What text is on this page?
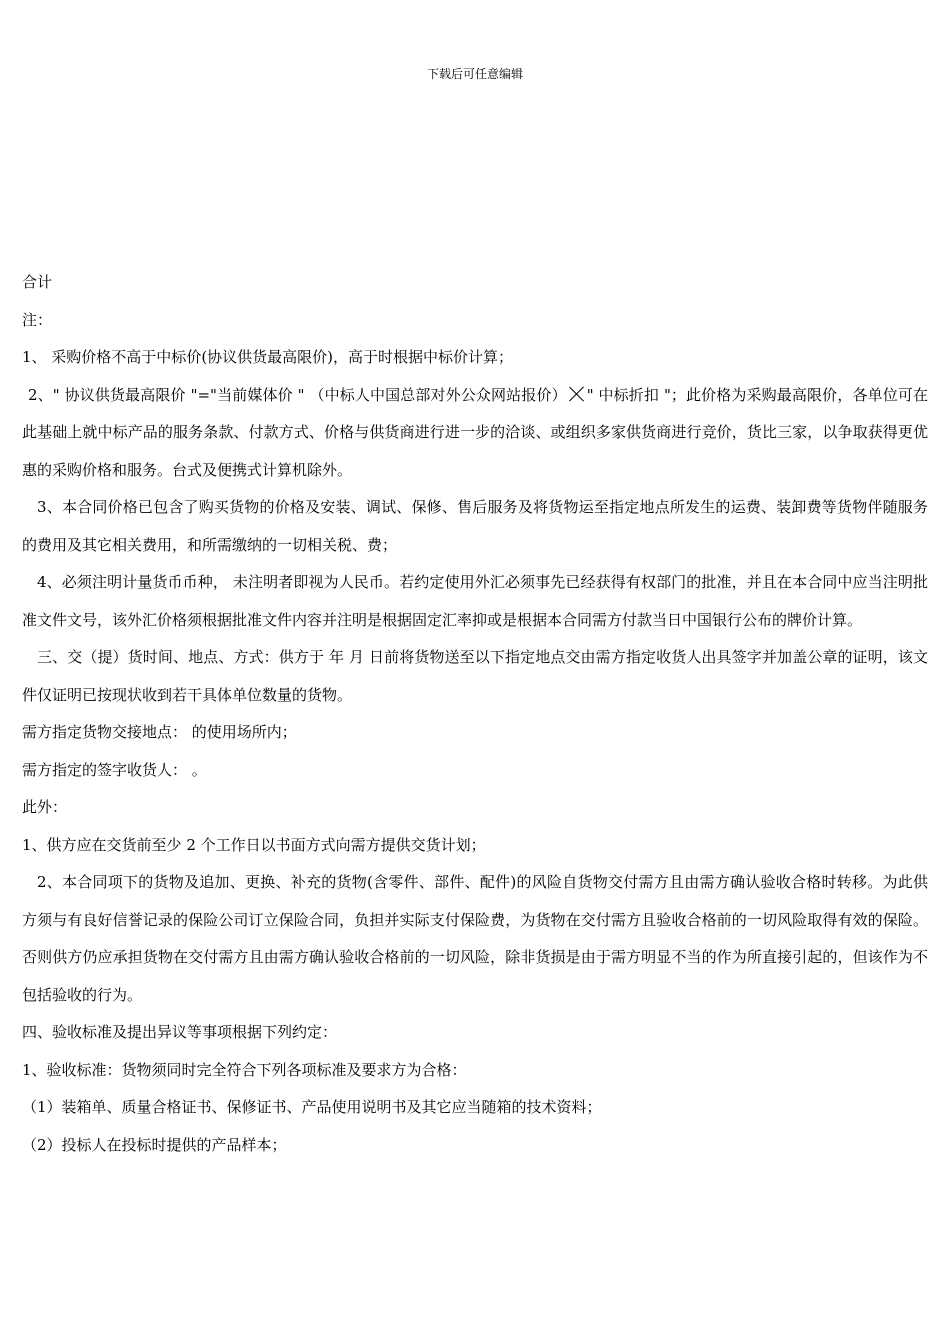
下载后可任意编辑

合计

注：

1、 采购价格不高于中标价(协议供货最高限价)，高于时根据中标价计算；

2、" 协议供货最高限价 "="当前媒体价 " （中标人中国总部对外公众网站报价） " 中标折扣 "；此价格为采购最高限价，各单位可在此基础上就中标产品的服务条款、付款方式、价格与供货商进行进一步的洽谈、或组织多家供货商进行竞价，货比三家，以争取获得更优惠的采购价格和服务。台式及便携式计算机除外。

3、本合同价格已包含了购买货物的价格及安装、调试、保修、售后服务及将货物运至指定地点所发生的运费、装卸费等货物伴随服务的费用及其它相关费用，和所需缴纳的一切相关税、费；

4、必须注明计量货币币种， 未注明者即视为人民币。若约定使用外汇必须事先已经获得有权部门的批准，并且在本合同中应当注明批准文件文号，该外汇价格须根据批准文件内容并注明是根据固定汇率抑或是根据本合同需方付款当日中国银行公布的牌价计算。

三、交（提）货时间、地点、方式：供方于 年 月 日前将货物送至以下指定地点交由需方指定收货人出具签字并加盖公章的证明，该文件仅证明已按现状收到若干具体单位数量的货物。

需方指定货物交接地点： 的使用场所内；

需方指定的签字收货人： 。

此外：

1、供方应在交货前至少 2 个工作日以书面方式向需方提供交货计划；

2、本合同项下的货物及追加、更换、补充的货物(含零件、部件、配件)的风险自货物交付需方且由需方确认验收合格时转移。为此供方须与有良好信誉记录的保险公司订立保险合同，负担并实际支付保险费，为货物在交付需方且验收合格前的一切风险取得有效的保险。否则供方仍应承担货物在交付需方且由需方确认验收合格前的一切风险，除非货损是由于需方明显不当的作为所直接引起的，但该作为不包括验收的行为。

四、验收标准及提出异议等事项根据下列约定：

1、验收标准：货物须同时完全符合下列各项标准及要求方为合格：

（1）装箱单、质量合格证书、保修证书、产品使用说明书及其它应当随箱的技术资料；

（2）投标人在投标时提供的产品样本；
